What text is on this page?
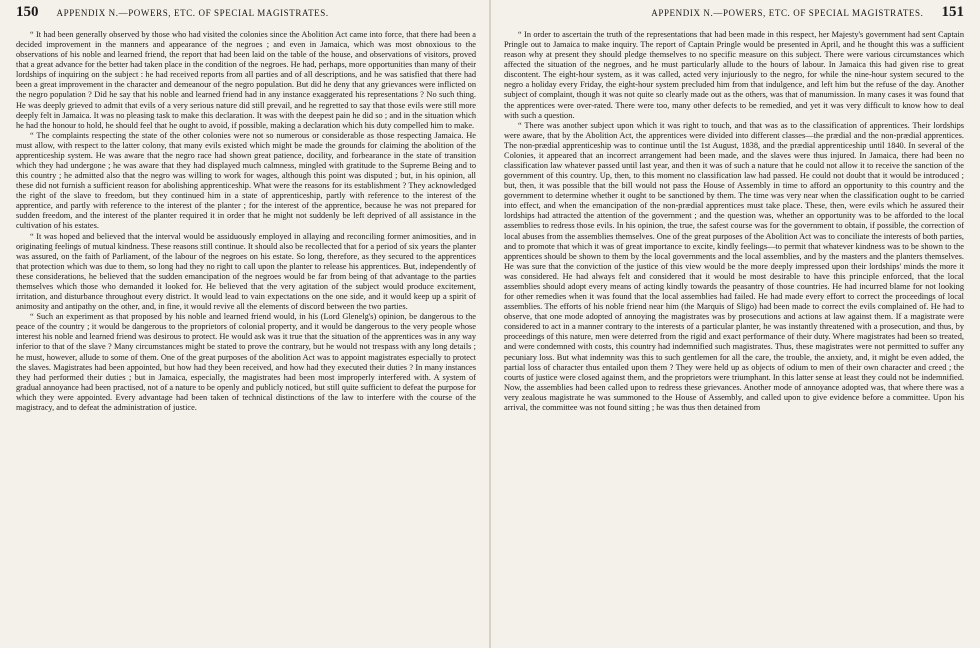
150 APPENDIX N.—POWERS, ETC. OF SPECIAL MAGISTRATES.

“ It had been generally observed by those who had visited the colonies since the Abolition Act came into force, that there had been a decided improvement in the manners and appearance of the negroes ; and even in Jamaica, which was most obnoxious to the observations of his noble and learned friend, the report that had been laid on the table of the house, and observations of visitors, proved that a great advance for the better had taken place in the condition of the negroes. He had, perhaps, more opportunities than many of their lordships of inquiring on the subject : he had received reports from all parties and of all descriptions, and he was satisfied that there had been a great improvement in the character and demeanour of the negro population. But did he deny that any grievances were inflicted on the negro population ? Did he say that his noble and learned friend had in any instance exaggerated his representations ? No such thing. He was deeply grieved to admit that evils of a very serious nature did still prevail, and he regretted to say that those evils were still more deeply felt in Jamaica. It was no pleasing task to make this declaration. It was with the deepest pain he did so ; and in the situation which he had the honour to hold, he should feel that he ought to avoid, if possible, making a declaration which his duty compelled him to make.

“ The complaints respecting the state of the other colonies were not so numerous or considerable as those respecting Jamaica. He must allow, with respect to the latter colony, that many evils existed which might be made the grounds for claiming the abolition of the apprenticeship system. He was aware that the negro race had shown great patience, docility, and forbearance in the state of transition which they had undergone ; he was aware that they had displayed much calmness, mingled with gratitude to the Supreme Being and to this country ; he admitted also that the negro was willing to work for wages, although this point was disputed ; but, in his opinion, all these did not furnish a sufficient reason for abolishing apprenticeship. What were the reasons for its establishment ? They acknowledged the right of the slave to freedom, but they continued him in a state of apprenticeship, partly with reference to the interest of the apprentice, and partly with reference to the interest of the planter ; for the interest of the apprentice, because he was not prepared for sudden freedom, and the interest of the planter required it in order that he might not suddenly be left deprived of all assistance in the cultivation of his estates.

“ It was hoped and believed that the interval would be assiduously employed in allaying and reconciling former animosities, and in originating feelings of mutual kindness. These reasons still continue. It should also be recollected that for a period of six years the planter was assured, on the faith of Parliament, of the labour of the negroes on his estate. So long, therefore, as they secured to the apprentices that protection which was due to them, so long had they no right to call upon the planter to release his apprentices. But, independently of these considerations, he believed that the sudden emancipation of the negroes would be far from being of that advantage to the parties themselves which those who demanded it looked for. He believed that the very agitation of the subject would produce excitement, irritation, and disturbance throughout every district. It would lead to vain expectations on the one side, and it would keep up a spirit of animosity and antipathy on the other, and, in fine, it would revive all the elements of discord between the two parties.

“ Such an experiment as that proposed by his noble and learned friend would, in his (Lord Glenelg's) opinion, be dangerous to the peace of the country ; it would be dangerous to the proprietors of colonial property, and it would be dangerous to the very people whose interest his noble and learned friend was desirous to protect. He would ask was it true that the situation of the apprentices was in any way inferior to that of the slave ? Many circumstances might be stated to prove the contrary, but he would not trespass with any long details ; he must, however, allude to some of them. One of the great purposes of the abolition Act was to appoint magistrates especially to protect the slaves. Magistrates had been appointed, but how had they been received, and how had they executed their duties ? In many instances they had performed their duties ; but in Jamaica, especially, the magistrates had been most improperly interfered with. A system of gradual annoyance had been practised, not of a nature to be openly and publicly noticed, but still quite sufficient to defeat the purpose for which they were appointed. Every advantage had been taken of technical distinctions of the law to interfere with the course of the magistracy, and to defeat the administration of justice.

APPENDIX N.—POWERS, ETC. OF SPECIAL MAGISTRATES. 151

“ In order to ascertain the truth of the representations that had been made in this respect, her Majesty's government had sent Captain Pringle out to Jamaica to make inquiry. The report of Captain Pringle would be presented in April, and he thought this was a sufficient reason why at present they should pledge themselves to no specific measure on this subject. There were various circumstances which affected the situation of the negroes, and he must particularly allude to the hours of labour. In Jamaica this had given rise to great discontent. The eight-hour system, as it was called, acted very injuriously to the negro, for while the nine-hour system secured to the negro a holiday every Friday, the eight-hour system precluded him from that indulgence, and left him but the refuse of the day. Another subject of complaint, though it was not quite so clearly made out as the others, was that of manumission. In many cases it was found that the apprentices were over-rated. There were too, many other defects to be remedied, and yet it was very difficult to know how to deal with such a question.

“ There was another subject upon which it was right to touch, and that was as to the classification of apprentices. Their lordships were aware, that by the Abolition Act, the apprentices were divided into different classes—the prædial and the non-prædial apprentices. The non-prædial apprenticeship was to continue until the 1st August, 1838, and the prædial apprenticeship until 1840. In several of the Colonies, it appeared that an incorrect arrangement had been made, and the slaves were thus injured. In Jamaica, there had been no classification law whatever passed until last year, and then it was of such a nature that he could not allow it to receive the sanction of the government of this country. Up, then, to this moment no classification law had passed. He could not doubt that it would be introduced ; but, then, it was possible that the bill would not pass the House of Assembly in time to afford an opportunity to this country and the government to determine whether it ought to be sanctioned by them. The time was very near when the classification ought to be carried into effect, and when the emancipation of the non-prædial apprentices must take place. These, then, were evils which he assured their lordships had attracted the attention of the government ; and the question was, whether an opportunity was to be afforded to the local assemblies to redress those evils. In his opinion, the true, the safest course was for the government to obtain, if possible, the correction of local abuses from the assemblies themselves. One of the great purposes of the Abolition Act was to conciliate the interests of both parties, and to promote that which it was of great importance to excite, kindly feelings—to permit that whatever kindness was to be shown to the apprentices should be shown to them by the local governments and the local assemblies, and by the masters and the planters themselves. He was sure that the conviction of the justice of this view would be the more deeply impressed upon their lordships' minds the more it was considered. He had always felt and considered that it would be most desirable to have this principle enforced, that the local assemblies should adopt every means of acting kindly towards the peasantry of those countries. He had incurred blame for not looking for other remedies when it was found that the local assemblies had failed. He had made every effort to correct the proceedings of local assemblies. The efforts of his noble friend near him (the Marquis of Sligo) had been made to correct the evils complained of. He had to observe, that one mode adopted of annoying the magistrates was by prosecutions and actions at law against them. If a magistrate were considered to act in a manner contrary to the interests of a particular planter, he was instantly threatened with a prosecution, and thus, by proceedings of this nature, men were deterred from the rigid and exact performance of their duty. Where magistrates had been so treated, and were condemned with costs, this country had indemnified such magistrates. Thus, these magistrates were not permitted to suffer any pecuniary loss. But what indemnity was this to such gentlemen for all the care, the trouble, the anxiety, and, it might be even added, the partial loss of character thus entailed upon them ? They were held up as objects of odium to men of their own character and creed ; the courts of justice were closed against them, and the proprietors were triumphant. In this latter sense at least they could not be indemnified. Now, the assemblies had been called upon to redress these grievances. Another mode of annoyance adopted was, that where there was a very zealous magistrate he was summoned to the House of Assembly, and called upon to give evidence before a committee. Upon his arrival, the committee was not found sitting ; he was thus then detained from
